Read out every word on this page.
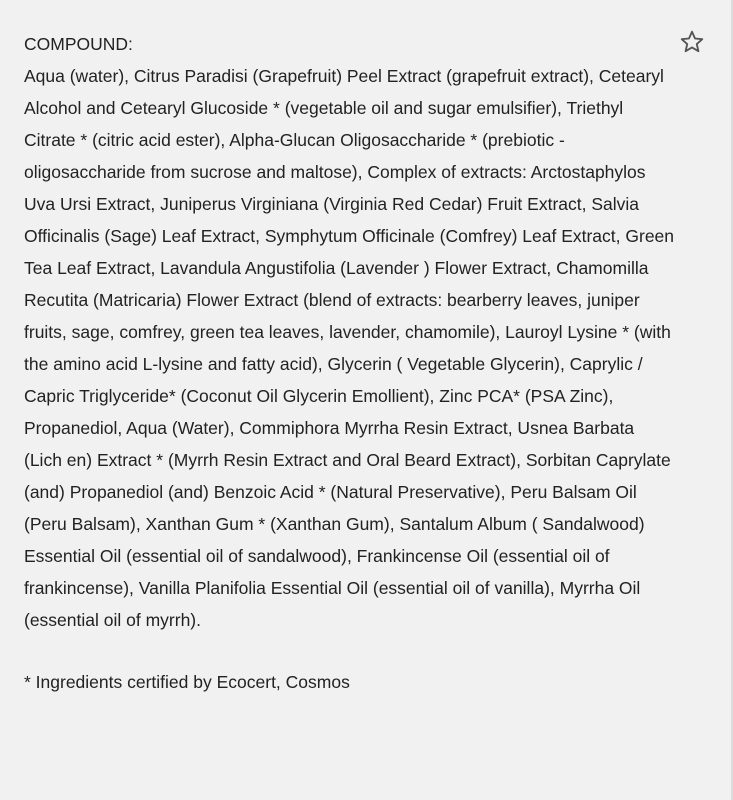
COMPOUND:
Aqua (water), Citrus Paradisi (Grapefruit) Peel Extract (grapefruit extract), Cetearyl Alcohol and Cetearyl Glucoside * (vegetable oil and sugar emulsifier), Triethyl Citrate * (citric acid ester), Alpha-Glucan Oligosaccharide * (prebiotic - oligosaccharide from sucrose and maltose), Complex of extracts: Arctostaphylos Uva Ursi Extract, Juniperus Virginiana (Virginia Red Cedar) Fruit Extract, Salvia Officinalis (Sage) Leaf Extract, Symphytum Officinale (Comfrey) Leaf Extract, Green Tea Leaf Extract, Lavandula Angustifolia (Lavender ) Flower Extract, Chamomilla Recutita (Matricaria) Flower Extract (blend of extracts: bearberry leaves, juniper fruits, sage, comfrey, green tea leaves, lavender, chamomile), Lauroyl Lysine * (with the amino acid L-lysine and fatty acid), Glycerin ( Vegetable Glycerin), Caprylic / Capric Triglyceride* (Coconut Oil Glycerin Emollient), Zinc PCA* (PSA Zinc), Propanediol, Aqua (Water), Commiphora Myrrha Resin Extract, Usnea Barbata (Lich en) Extract * (Myrrh Resin Extract and Oral Beard Extract), Sorbitan Caprylate (and) Propanediol (and) Benzoic Acid * (Natural Preservative), Peru Balsam Oil (Peru Balsam), Xanthan Gum * (Xanthan Gum), Santalum Album ( Sandalwood) Essential Oil (essential oil of sandalwood), Frankincense Oil (essential oil of frankincense), Vanilla Planifolia Essential Oil (essential oil of vanilla), Myrrha Oil (essential oil of myrrh).
* Ingredients certified by Ecocert, Cosmos
